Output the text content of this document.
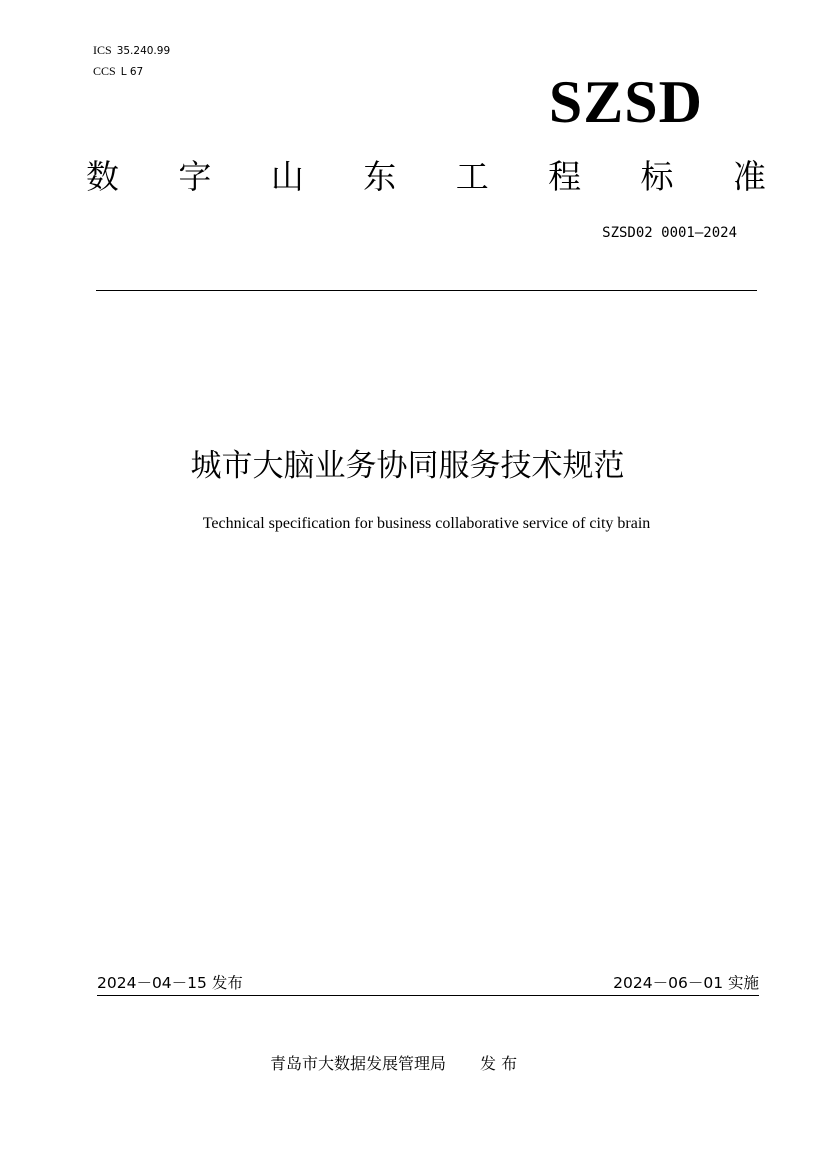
ICS 35.240.99
CCS L 67	SZSD
数 字 山 东 工 程 标 准
SZSD02 0001—2024
城市大脑业务协同服务技术规范
Technical specification for business collaborative service of city brain
2024－04－15 发布	2024－06－01 实施
青岛市大数据发展管理局 发 布
